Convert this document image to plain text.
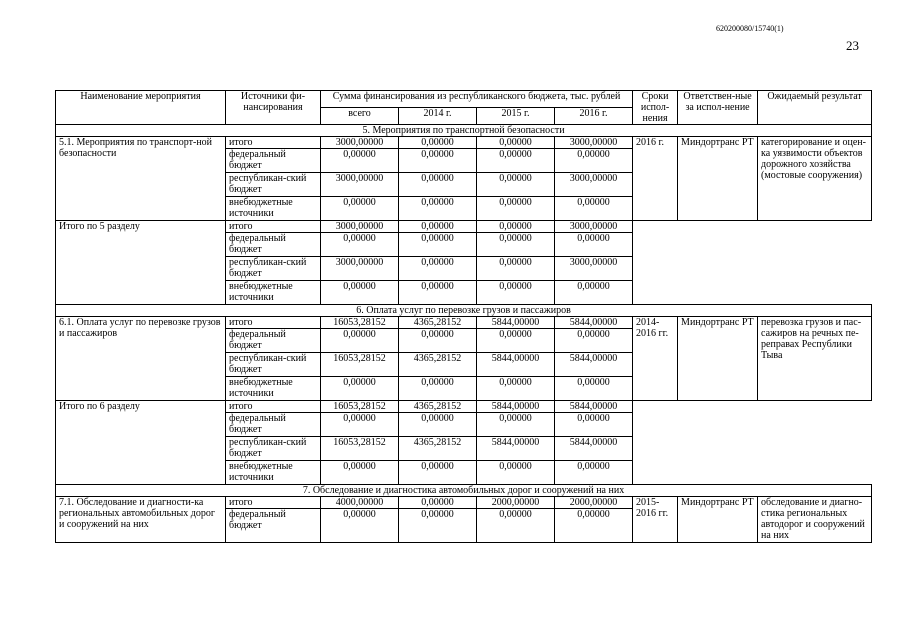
620200080/15740(1)
23
Наименование мероприятия	Источники фи-нансирования	Сумма финансирования из республиканского бюджета, тыс. рублей				Сроки испол-нения	Ответствен-ные за испол-нение	Ожидаемый результат
		всего	2014 г.	2015 г.	2016 г.			
5. Мероприятия по транспортной безопасности								
5.1. Мероприятия по транспорт-ной безопасности	итого	3000,00000	0,00000	0,00000	3000,00000	2016 г.	Миндортранс РТ	категорирование и оцен-ка уязвимости объектов дорожного хозяйства (мостовые сооружения)
	федеральный бюджет	0,00000	0,00000	0,00000	0,00000			
	республикан-ский бюджет	3000,00000	0,00000	0,00000	3000,00000			
	внебюджетные источники	0,00000	0,00000	0,00000	0,00000			
Итого по 5 разделу	итого	3000,00000	0,00000	0,00000	3000,00000			
	федеральный бюджет	0,00000	0,00000	0,00000	0,00000			
	республикан-ский бюджет	3000,00000	0,00000	0,00000	3000,00000			
	внебюджетные источники	0,00000	0,00000	0,00000	0,00000			
6. Оплата услуг по перевозке грузов и пассажиров								
6.1. Оплата услуг по перевозке грузов и пассажиров	итого	16053,28152	4365,28152	5844,00000	5844,00000	2014-2016 гг.	Миндортранс РТ	перевозка грузов и пас-сажиров на речных пе-реправах Республики Тыва
	федеральный бюджет	0,00000	0,00000	0,00000	0,00000			
	республикан-ский бюджет	16053,28152	4365,28152	5844,00000	5844,00000			
	внебюджетные источники	0,00000	0,00000	0,00000	0,00000			
Итого по 6 разделу	итого	16053,28152	4365,28152	5844,00000	5844,00000			
	федеральный бюджет	0,00000	0,00000	0,00000	0,00000			
	республикан-ский бюджет	16053,28152	4365,28152	5844,00000	5844,00000			
	внебюджетные источники	0,00000	0,00000	0,00000	0,00000			
7. Обследование и диагностика автомобильных дорог и сооружений на них								
7.1. Обследование и диагности-ка региональных автомобильных дорог и сооружений на них	итого	4000,00000	0,00000	2000,00000	2000,00000	2015-2016 гг.	Миндортранс РТ	обследование и диагно-стика региональных автодорог и сооружений на них
	федеральный бюджет	0,00000	0,00000	0,00000	0,00000			
